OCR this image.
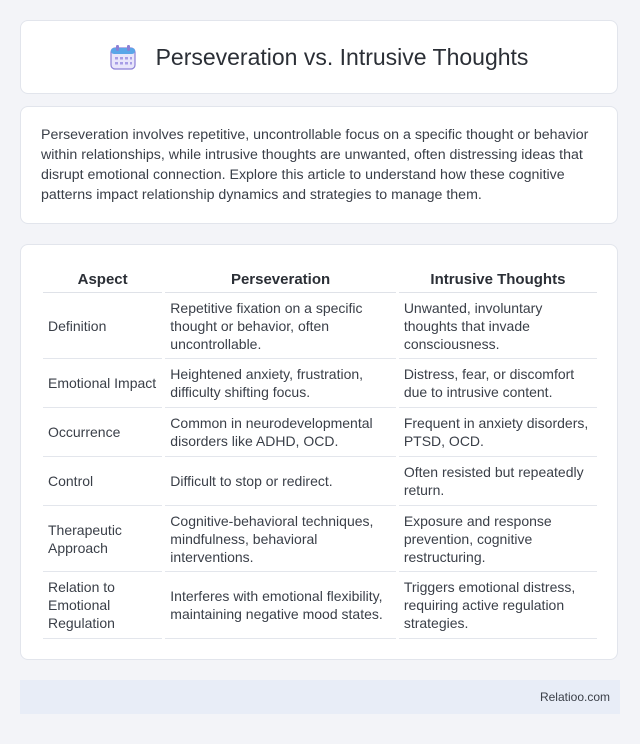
Perseveration vs. Intrusive Thoughts

Perseveration involves repetitive, uncontrollable focus on a specific thought or behavior within relationships, while intrusive thoughts are unwanted, often distressing ideas that disrupt emotional connection. Explore this article to understand how these cognitive patterns impact relationship dynamics and strategies to manage them.

Aspect	Perseveration	Intrusive Thoughts
Definition	Repetitive fixation on a specific thought or behavior, often uncontrollable.	Unwanted, involuntary thoughts that invade consciousness.
Emotional Impact	Heightened anxiety, frustration, difficulty shifting focus.	Distress, fear, or discomfort due to intrusive content.
Occurrence	Common in neurodevelopmental disorders like ADHD, OCD.	Frequent in anxiety disorders, PTSD, OCD.
Control	Difficult to stop or redirect.	Often resisted but repeatedly return.
Therapeutic Approach	Cognitive-behavioral techniques, mindfulness, behavioral interventions.	Exposure and response prevention, cognitive restructuring.
Relation to Emotional Regulation	Interferes with emotional flexibility, maintaining negative mood states.	Triggers emotional distress, requiring active regulation strategies.
Relatioo.com
